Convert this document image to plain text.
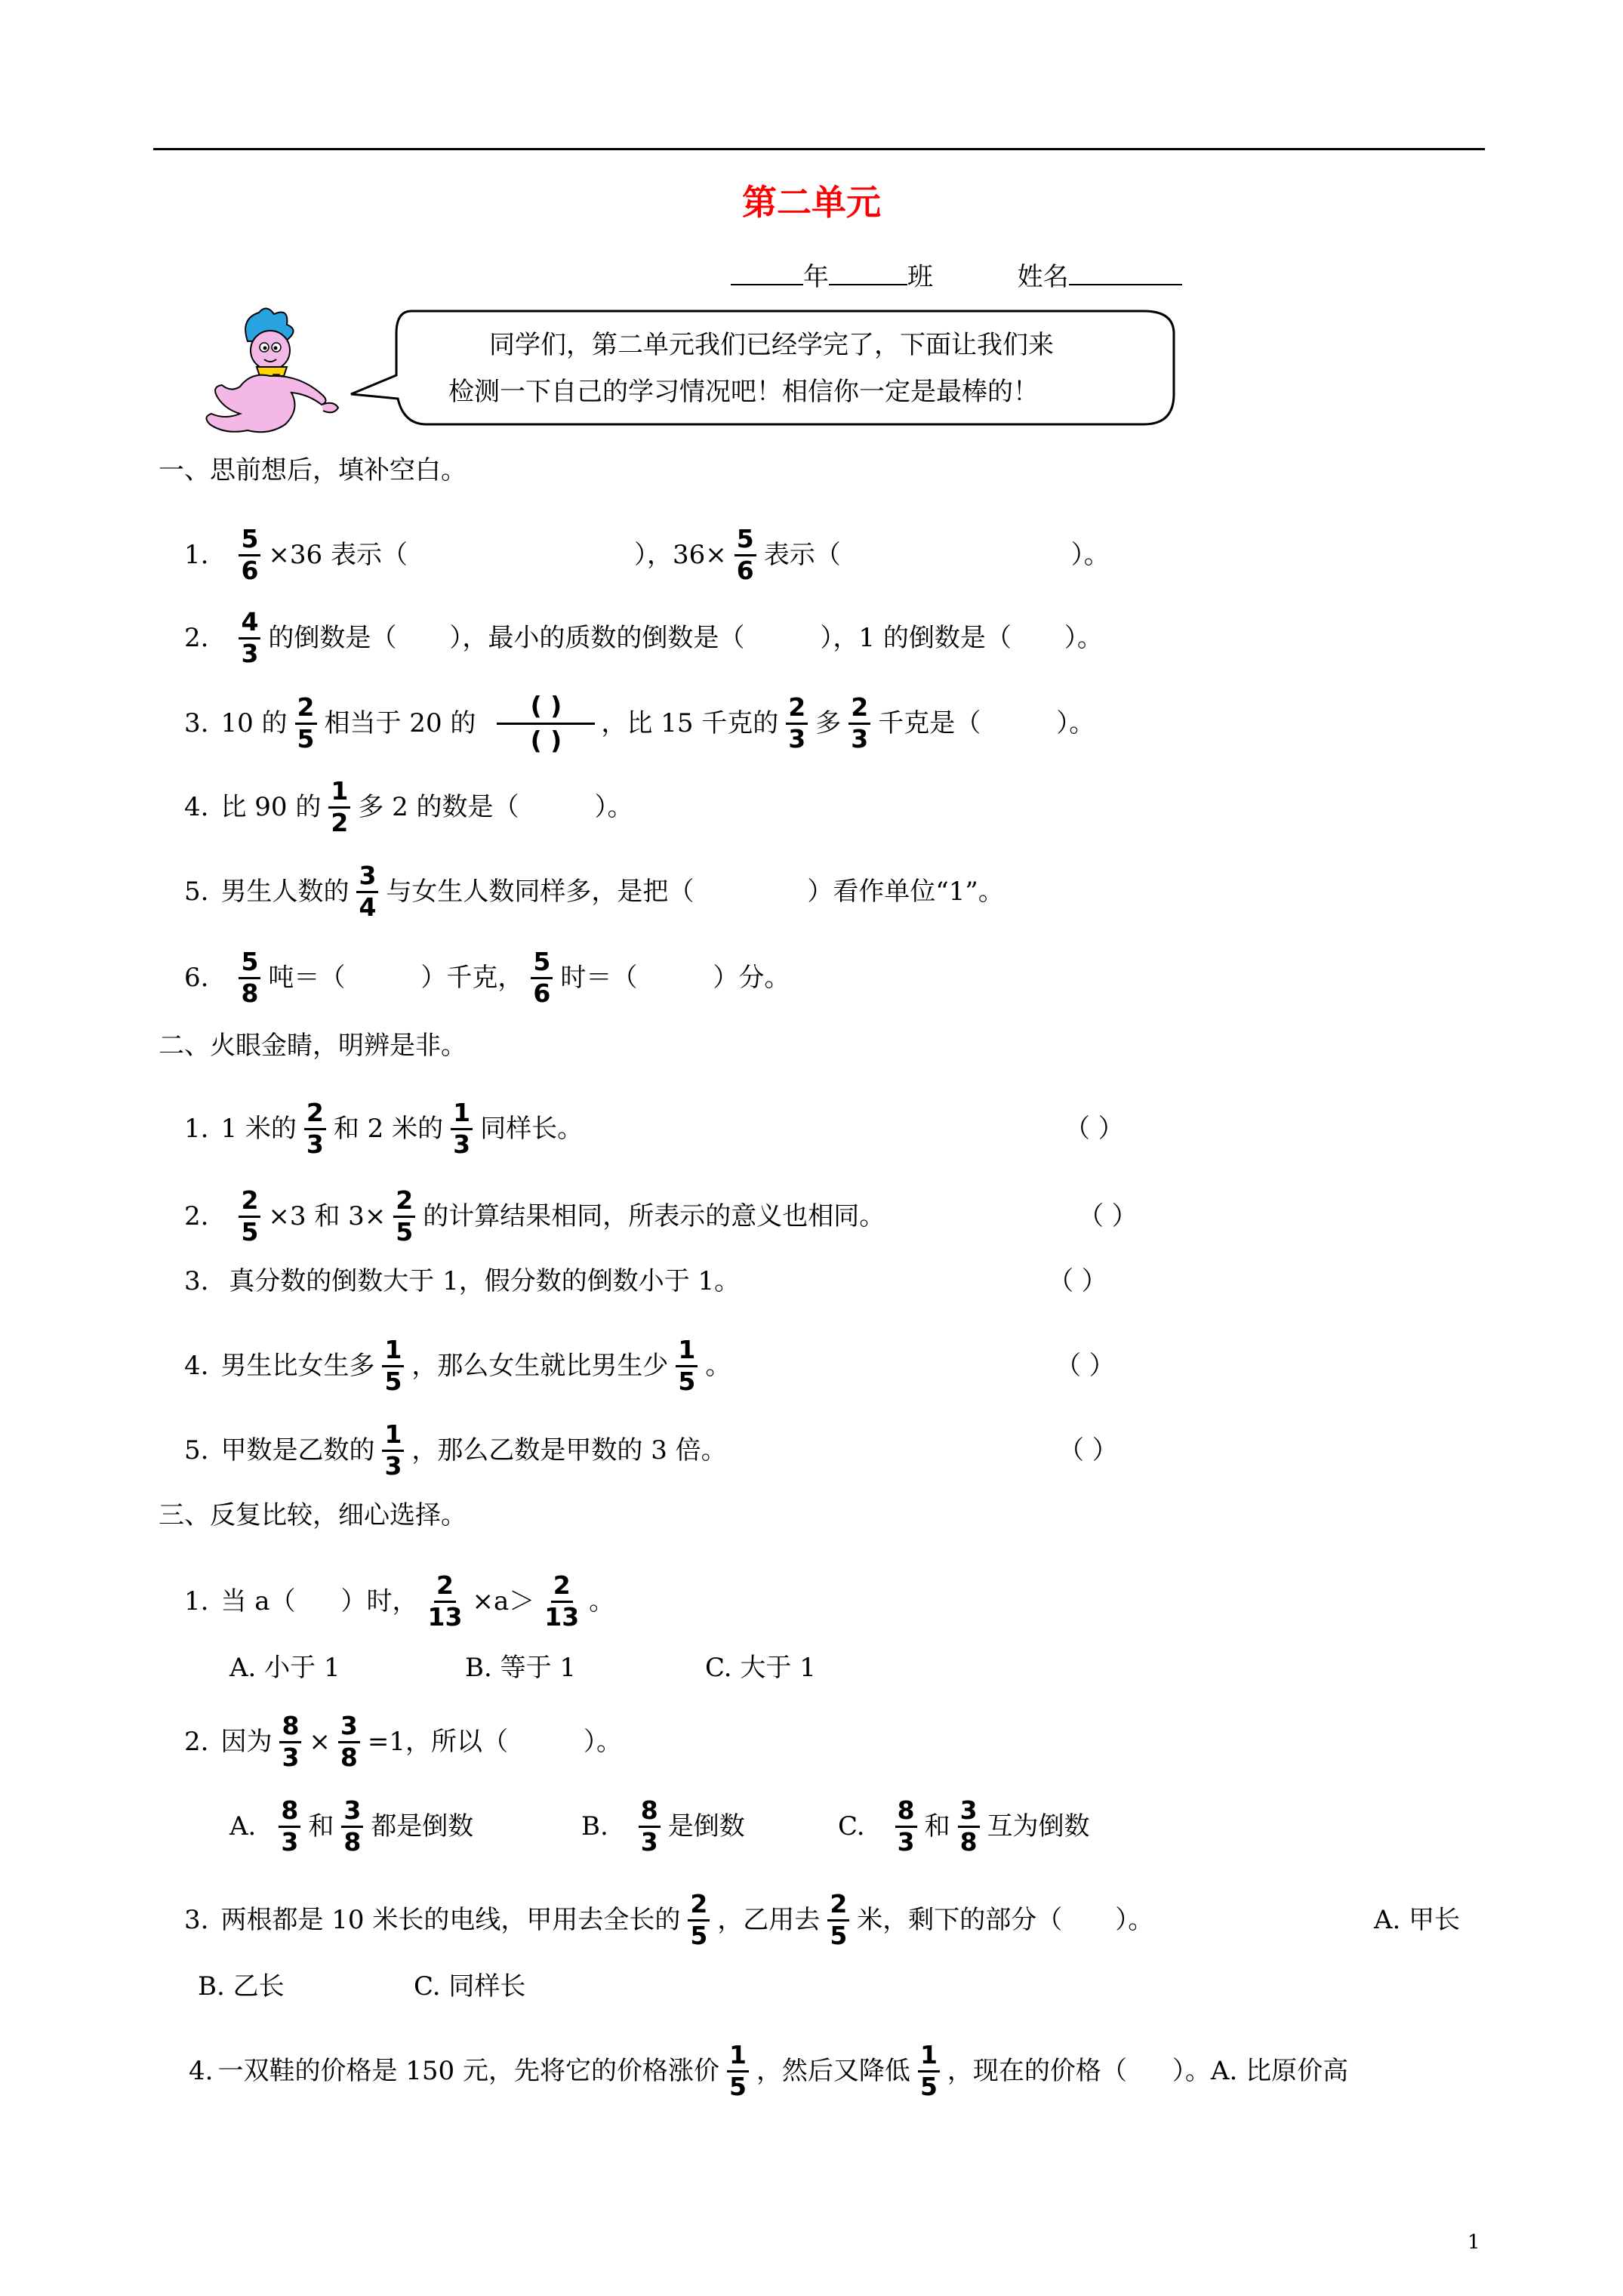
第二单元
年	班	姓名
同学们，第二单元我们已经学完了，下面让我们来
检测一下自己的学习情况吧！相信你一定是最棒的！
一、思前想后，填补空白。
1. $\frac{5}{6} \times 36$ 表示（	），$36\times \frac{5}{6}$ 表示（	）。
2. $\frac{4}{3}$ 的倒数是（ ），最小的质数的倒数是（	），1 的倒数是（ ）。
3. 10 的 $\frac{2}{5}$ 相当于 20 的 $\frac{( )}{( )}$ ，比 15 千克的 $\frac{2}{3}$ 多 $\frac{2}{3}$ 千克是（	）。
4. 比 90 的 $\frac{1}{2}$ 多 2 的数是（	）。
5. 男生人数的 $\frac{3}{4}$ 与女生人数同样多，是把（	）看作单位“1”。
6. $\frac{5}{8}$ 吨＝（	）千克， $\frac{5}{6}$ 时＝（	）分。
二、火眼金睛，明辨是非。
1. 1 米的 $\frac{2}{3}$ 和 2 米的 $\frac{1}{3}$ 同样长。	（ ）
2. $\frac{2}{5} \times 3$ 和 $3\times \frac{2}{5}$ 的计算结果相同，所表示的意义也相同。	（ ）
3. 真分数的倒数大于 1，假分数的倒数小于 1。	（ ）
4. 男生比女生多 $\frac{1}{5}$ ，那么女生就比男生少 $\frac{1}{5}$ 。	（ ）
5. 甲数是乙数的 $\frac{1}{3}$ ，那么乙数是甲数的 3 倍。	（ ）
三、反复比较，细心选择。
1. 当 a（ ）时， $\frac{2}{13} \times a> \frac{2}{13}$ 。
A. 小于 1	B. 等于 1	C. 大于 1
2. 因为 $\frac{8}{3} \times \frac{3}{8} =1$，所以（	）。
A. $\frac{8}{3}$ 和 $\frac{3}{8}$ 都是倒数	B. $\frac{8}{3}$ 是倒数	C. $\frac{8}{3}$ 和 $\frac{3}{8}$ 互为倒数
3. 两根都是 10 米长的电线，甲用去全长的 $\frac{2}{5}$ ，乙用去 $\frac{2}{5}$ 米，剩下的部分（ ）。	A. 甲长
B. 乙长	C. 同样长
4. 一双鞋的价格是 150 元，先将它的价格涨价 $\frac{1}{5}$ ，然后又降低 $\frac{1}{5}$ ，现在的价格（ ）。A. 比原价高
1
